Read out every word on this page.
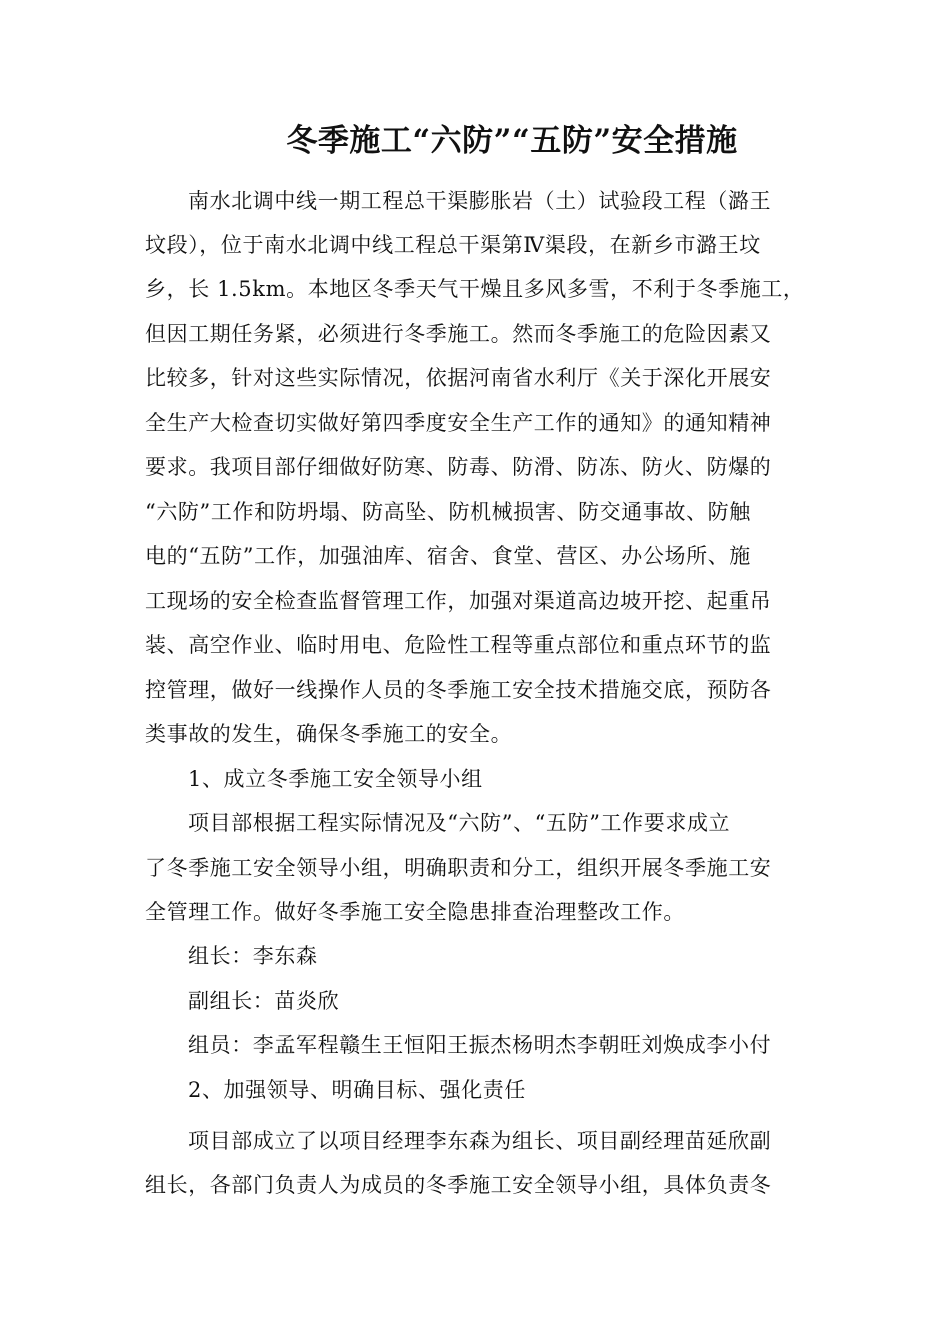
冬季施工“六防”“五防”安全措施
南水北调中线一期工程总干渠膨胀岩（土）试验段工程（潞王
坟段），位于南水北调中线工程总干渠第Ⅳ渠段，在新乡市潞王坟
乡，长 1.5km。本地区冬季天气干燥且多风多雪，不利于冬季施工，
但因工期任务紧，必须进行冬季施工。然而冬季施工的危险因素又
比较多，针对这些实际情况，依据河南省水利厅《关于深化开展安
全生产大检查切实做好第四季度安全生产工作的通知》的通知精神
要求。我项目部仔细做好防寒、防毒、防滑、防冻、防火、防爆的
“六防”工作和防坍塌、防高坠、防机械损害、防交通事故、防触
电的“五防”工作，加强油库、宿舍、食堂、营区、办公场所、施
工现场的安全检查监督管理工作，加强对渠道高边坡开挖、起重吊
装、高空作业、临时用电、危险性工程等重点部位和重点环节的监
控管理，做好一线操作人员的冬季施工安全技术措施交底，预防各
类事故的发生，确保冬季施工的安全。
1、成立冬季施工安全领导小组
项目部根据工程实际情况及“六防”、“五防”工作要求成立
了冬季施工安全领导小组，明确职责和分工，组织开展冬季施工安
全管理工作。做好冬季施工安全隐患排查治理整改工作。
组长：李东森
副组长：苗炎欣
组员：李孟军程赣生王恒阳王振杰杨明杰李朝旺刘焕成李小付
2、加强领导、明确目标、强化责任
项目部成立了以项目经理李东森为组长、项目副经理苗延欣副
组长，各部门负责人为成员的冬季施工安全领导小组，具体负责冬
